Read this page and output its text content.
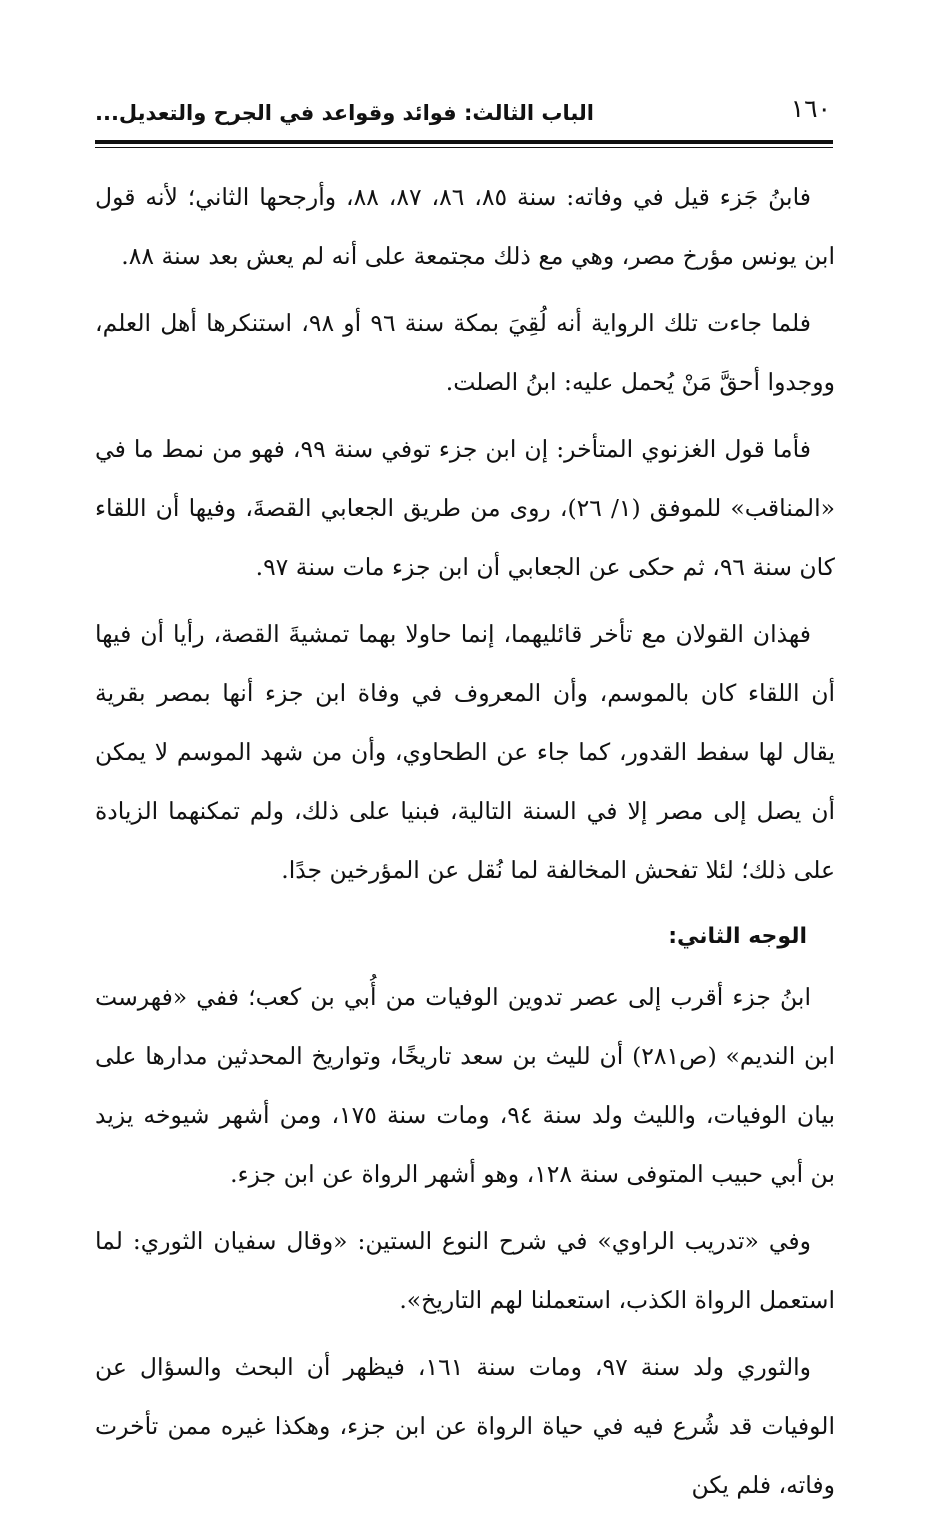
الباب الثالث: فوائد وقواعد في الجرح والتعديل...	١٦٠

فابنُ جَزء قيل في وفاته: سنة ٨٥، ٨٦، ٨٧، ٨٨، وأرجحها الثاني؛ لأنه قول ابن يونس مؤرخ مصر، وهي مع ذلك مجتمعة على أنه لم يعش بعد سنة ٨٨.

فلما جاءت تلك الرواية أنه لُقِيَ بمكة سنة ٩٦ أو ٩٨، استنكرها أهل العلم، ووجدوا أحقَّ مَنْ يُحمل عليه: ابنُ الصلت.

فأما قول الغزنوي المتأخر: إن ابن جزء توفي سنة ٩٩، فهو من نمط ما في «المناقب» للموفق (١/ ٢٦)، روى من طريق الجعابي القصةَ، وفيها أن اللقاء كان سنة ٩٦، ثم حكى عن الجعابي أن ابن جزء مات سنة ٩٧.

فهذان القولان مع تأخر قائليهما، إنما حاولا بهما تمشيةَ القصة، رأيا أن فيها أن اللقاء كان بالموسم، وأن المعروف في وفاة ابن جزء أنها بمصر بقرية يقال لها سفط القدور، كما جاء عن الطحاوي، وأن من شهد الموسم لا يمكن أن يصل إلى مصر إلا في السنة التالية، فبنيا على ذلك، ولم تمكنهما الزيادة على ذلك؛ لئلا تفحش المخالفة لما نُقل عن المؤرخين جدًا.

الوجه الثاني:

ابنُ جزء أقرب إلى عصر تدوين الوفيات من أُبي بن كعب؛ ففي «فهرست ابن النديم» (ص٢٨١) أن لليث بن سعد تاريخًا، وتواريخ المحدثين مدارها على بيان الوفيات، والليث ولد سنة ٩٤، ومات سنة ١٧٥، ومن أشهر شيوخه يزيد بن أبي حبيب المتوفى سنة ١٢٨، وهو أشهر الرواة عن ابن جزء.

وفي «تدريب الراوي» في شرح النوع الستين: «وقال سفيان الثوري: لما استعمل الرواة الكذب، استعملنا لهم التاريخ».

والثوري ولد سنة ٩٧، ومات سنة ١٦١، فيظهر أن البحث والسؤال عن الوفيات قد شُرع فيه في حياة الرواة عن ابن جزء، وهكذا غيره ممن تأخرت وفاته، فلم يكن
